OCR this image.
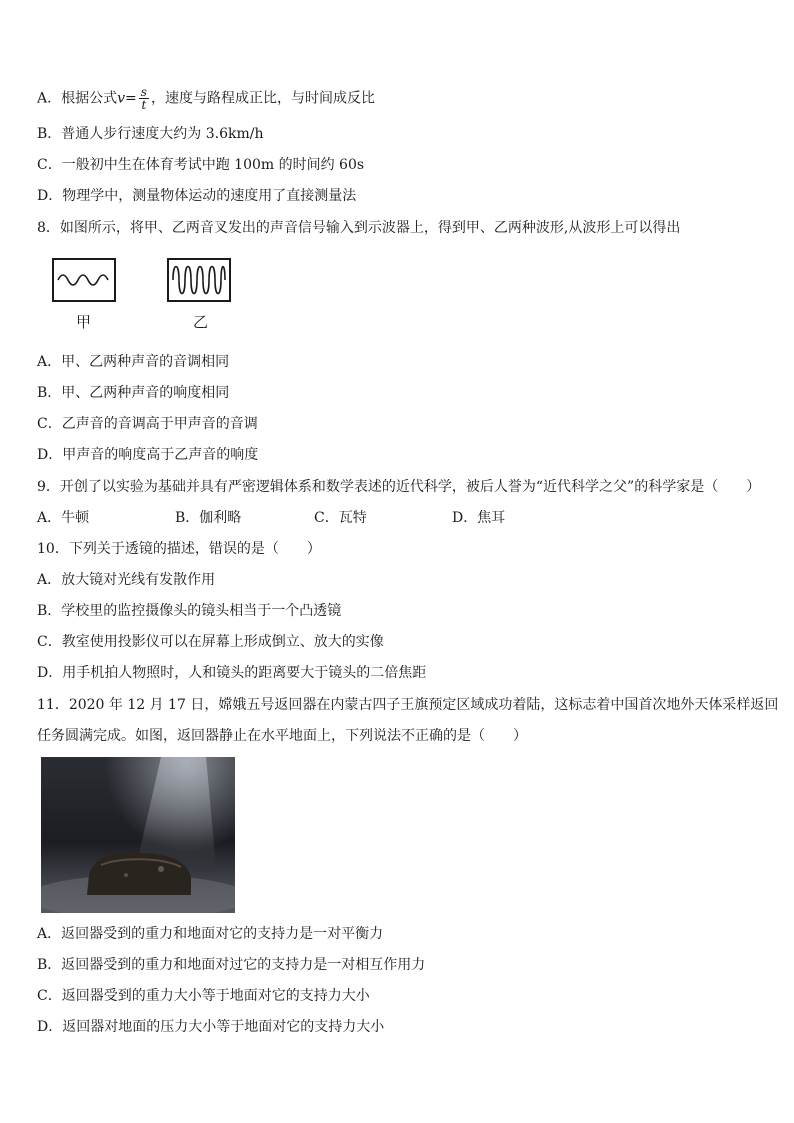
A．根据公式$v= \frac{s}{t}$ ，速度与路程成正比，与时间成反比
B．普通人步行速度大约为 3.6km/h
C．一般初中生在体育考试中跑 100m 的时间约 60s
D．物理学中，测量物体运动的速度用了直接测量法
8．如图所示，将甲、乙两音叉发出的声音信号输入到示波器上，得到甲、乙两种波形,从波形上可以得出
甲	乙
A．甲、乙两种声音的音调相同
B．甲、乙两种声音的响度相同
C．乙声音的音调高于甲声音的音调
D．甲声音的响度高于乙声音的响度
9．开创了以实验为基础并具有严密逻辑体系和数学表述的近代科学，被后人誉为“近代科学之父”的科学家是（　　）
A．牛顿	B．伽利略	C．瓦特	D．焦耳
10．下列关于透镜的描述，错误的是（　　）
A．放大镜对光线有发散作用
B．学校里的监控摄像头的镜头相当于一个凸透镜
C．教室使用投影仪可以在屏幕上形成倒立、放大的实像
D．用手机拍人物照时，人和镜头的距离要大于镜头的二倍焦距
11．2020 年 12 月 17 日，嫦娥五号返回器在内蒙古四子王旗预定区域成功着陆，这标志着中国首次地外天体采样返回
任务圆满完成。如图，返回器静止在水平地面上，下列说法不正确的是（　　）
A．返回器受到的重力和地面对它的支持力是一对平衡力
B．返回器受到的重力和地面对过它的支持力是一对相互作用力
C．返回器受到的重力大小等于地面对它的支持力大小
D．返回器对地面的压力大小等于地面对它的支持力大小
